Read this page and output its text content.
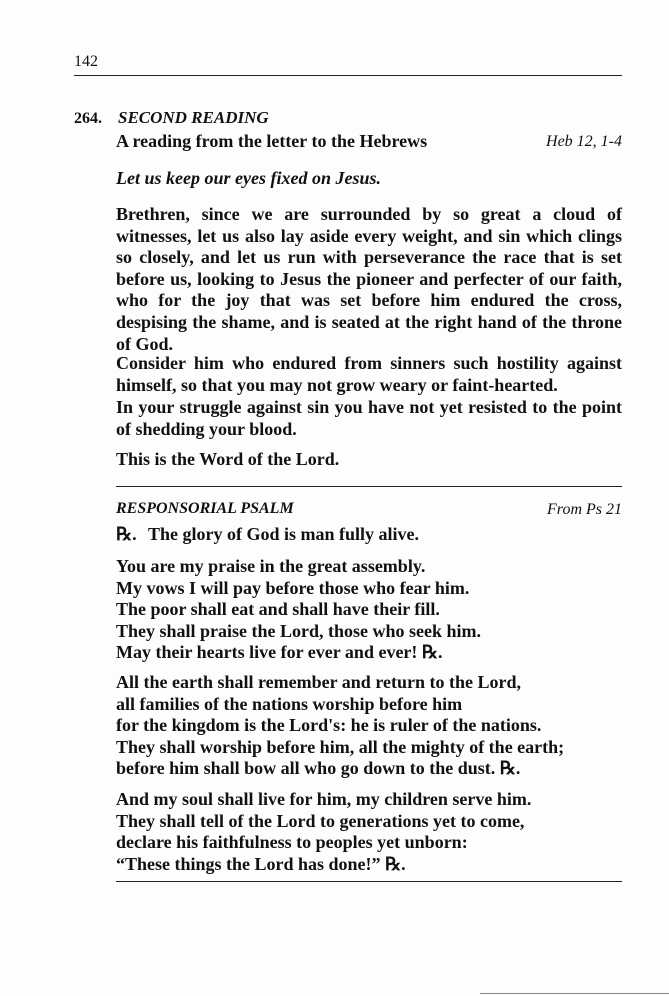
142
264. SECOND READING
A reading from the letter to the Hebrews	Heb 12, 1-4
Let us keep our eyes fixed on Jesus.
Brethren, since we are surrounded by so great a cloud of witnesses, let us also lay aside every weight, and sin which clings so closely, and let us run with perseverance the race that is set before us, looking to Jesus the pioneer and perfecter of our faith, who for the joy that was set before him endured the cross, despising the shame, and is seated at the right hand of the throne of God.
Consider him who endured from sinners such hostility against himself, so that you may not grow weary or faint-hearted.
In your struggle against sin you have not yet resisted to the point of shedding your blood.
This is the Word of the Lord.
RESPONSORIAL PSALM	From Ps 21
℞. The glory of God is man fully alive.
You are my praise in the great assembly.
My vows I will pay before those who fear him.
The poor shall eat and shall have their fill.
They shall praise the Lord, those who seek him.
May their hearts live for ever and ever! ℞.
All the earth shall remember and return to the Lord,
all families of the nations worship before him
for the kingdom is the Lord's: he is ruler of the nations.
They shall worship before him, all the mighty of the earth;
before him shall bow all who go down to the dust. ℞.
And my soul shall live for him, my children serve him.
They shall tell of the Lord to generations yet to come,
declare his faithfulness to peoples yet unborn:
“These things the Lord has done!” ℞.
